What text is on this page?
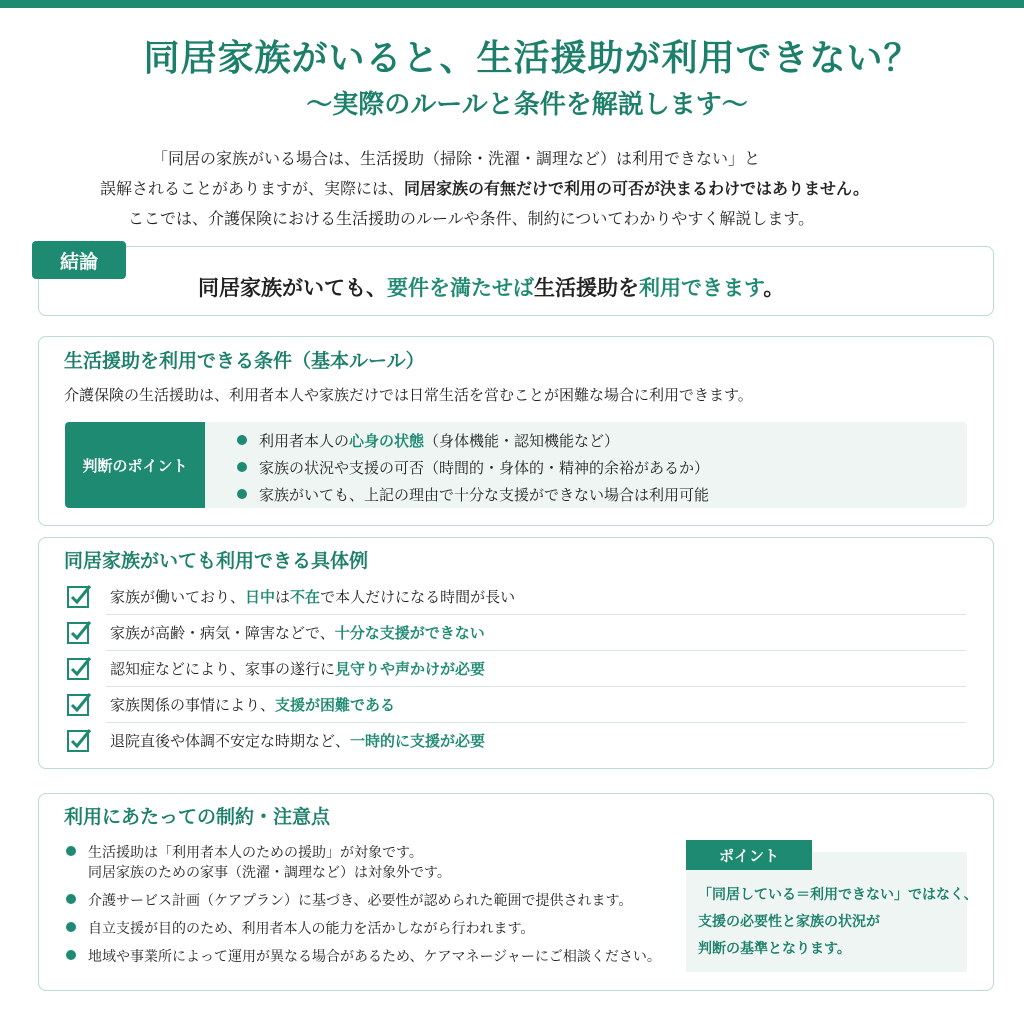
同居家族がいると、生活援助が利用できない？
〜実際のルールと条件を解説します〜
「同居の家族がいる場合は、生活援助（掃除・洗濯・調理など）は利用できない」と
誤解されることがありますが、実際には、同居家族の有無だけで利用の可否が決まるわけではありません。
ここでは、介護保険における生活援助のルールや条件、制約についてわかりやすく解説します。
結論
同居家族がいても、要件を満たせば生活援助を利用できます。
生活援助を利用できる条件（基本ルール）
介護保険の生活援助は、利用者本人や家族だけでは日常生活を営むことが困難な場合に利用できます。
判断のポイント
利用者本人の心身の状態（身体機能・認知機能など）
家族の状況や支援の可否（時間的・身体的・精神的余裕があるか）
家族がいても、上記の理由で十分な支援ができない場合は利用可能
同居家族がいても利用できる具体例
家族が働いており、日中は不在で本人だけになる時間が長い
家族が高齢・病気・障害などで、十分な支援ができない
認知症などにより、家事の遂行に見守りや声かけが必要
家族関係の事情により、支援が困難である
退院直後や体調不安定な時期など、一時的に支援が必要
利用にあたっての制約・注意点
生活援助は「利用者本人のための援助」が対象です。
同居家族のための家事（洗濯・調理など）は対象外です。
介護サービス計画（ケアプラン）に基づき、必要性が認められた範囲で提供されます。
自立支援が目的のため、利用者本人の能力を活かしながら行われます。
地域や事業所によって運用が異なる場合があるため、ケアマネージャーにご相談ください。
ポイント
「同居している＝利用できない」ではなく、
支援の必要性と家族の状況が
判断の基準となります。
